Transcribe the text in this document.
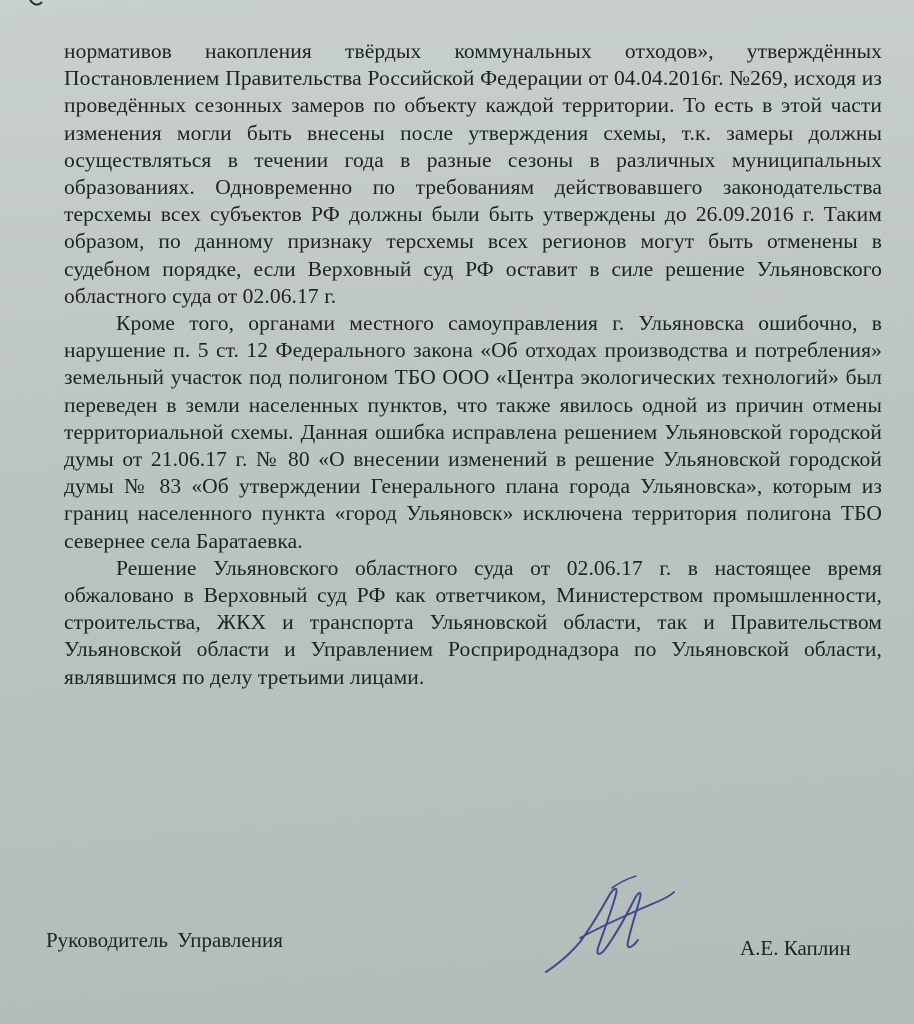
нормативов накопления твёрдых коммунальных отходов», утверждённых Постановлением Правительства Российской Федерации от 04.04.2016г. №269, исходя из проведённых сезонных замеров по объекту каждой территории. То есть в этой части изменения могли быть внесены после утверждения схемы, т.к. замеры должны осуществляться в течении года в разные сезоны в различных муниципальных образованиях. Одновременно по требованиям действовавшего законодательства терсхемы всех субъектов РФ должны были быть утверждены до 26.09.2016 г. Таким образом, по данному признаку терсхемы всех регионов могут быть отменены в судебном порядке, если Верховный суд РФ оставит в силе решение Ульяновского областного суда от 02.06.17 г.

Кроме того, органами местного самоуправления г. Ульяновска ошибочно, в нарушение п. 5 ст. 12 Федерального закона «Об отходах производства и потребления» земельный участок под полигоном ТБО ООО «Центра экологических технологий» был переведен в земли населенных пунктов, что также явилось одной из причин отмены территориальной схемы. Данная ошибка исправлена решением Ульяновской городской думы от 21.06.17 г. № 80 «О внесении изменений в решение Ульяновской городской думы № 83 «Об утверждении Генерального плана города Ульяновска», которым из границ населенного пункта «город Ульяновск» исключена территория полигона ТБО севернее села Баратаевка.

Решение Ульяновского областного суда от 02.06.17 г. в настоящее время обжаловано в Верховный суд РФ как ответчиком, Министерством промышленности, строительства, ЖКХ и транспорта Ульяновской области, так и Правительством Ульяновской области и Управлением Росприроднадзора по Ульяновской области, являвшимся по делу третьими лицами.

Руководитель Управления	А.Е. Каплин
